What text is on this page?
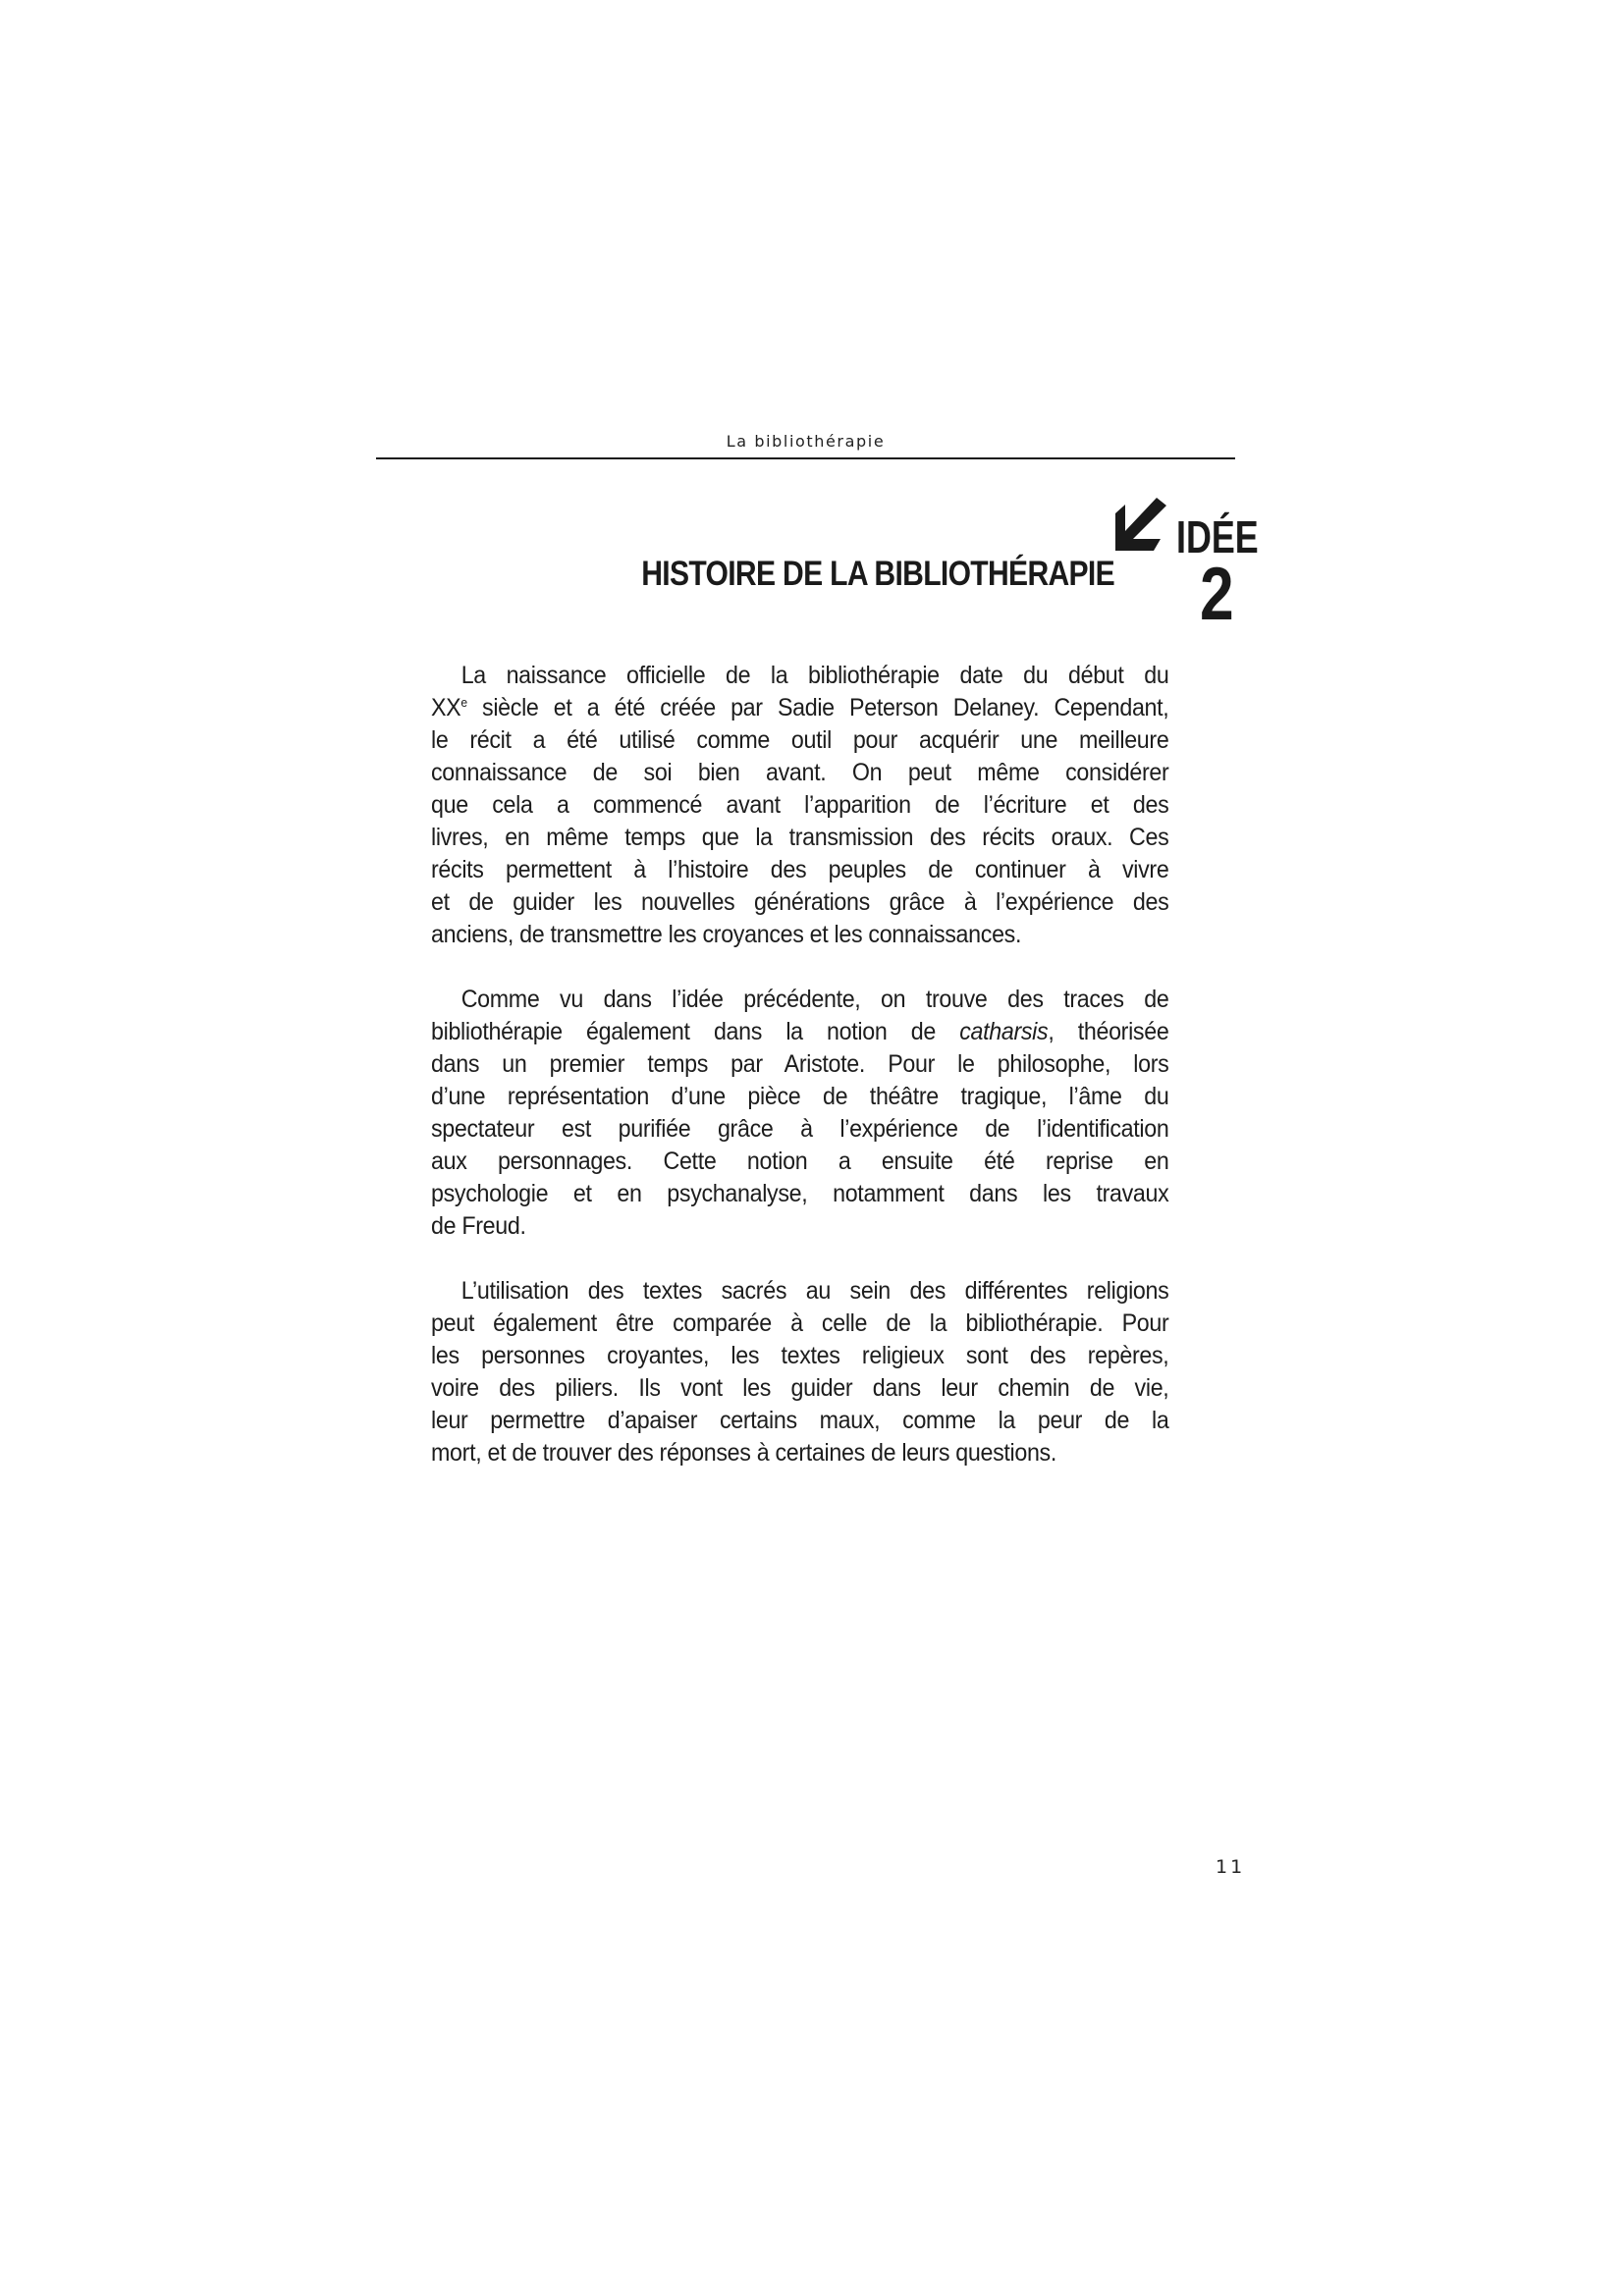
La bibliothérapie
HISTOIRE DE LA BIBLIOTHÉRAPIE
IDÉE
2

La naissance officielle de la bibliothérapie date du début du
XXe siècle et a été créée par Sadie Peterson Delaney. Cependant,
le récit a été utilisé comme outil pour acquérir une meilleure
connaissance de soi bien avant. On peut même considérer
que cela a commencé avant l’apparition de l’écriture et des
livres, en même temps que la transmission des récits oraux. Ces
récits permettent à l’histoire des peuples de continuer à vivre
et de guider les nouvelles générations grâce à l’expérience des
anciens, de transmettre les croyances et les connaissances.

Comme vu dans l’idée précédente, on trouve des traces de
bibliothérapie également dans la notion de catharsis, théorisée
dans un premier temps par Aristote. Pour le philosophe, lors
d’une représentation d’une pièce de théâtre tragique, l’âme du
spectateur est purifiée grâce à l’expérience de l’identification
aux personnages. Cette notion a ensuite été reprise en
psychologie et en psychanalyse, notamment dans les travaux
de Freud.

L’utilisation des textes sacrés au sein des différentes religions
peut également être comparée à celle de la bibliothérapie. Pour
les personnes croyantes, les textes religieux sont des repères,
voire des piliers. Ils vont les guider dans leur chemin de vie,
leur permettre d’apaiser certains maux, comme la peur de la
mort, et de trouver des réponses à certaines de leurs questions.

11
